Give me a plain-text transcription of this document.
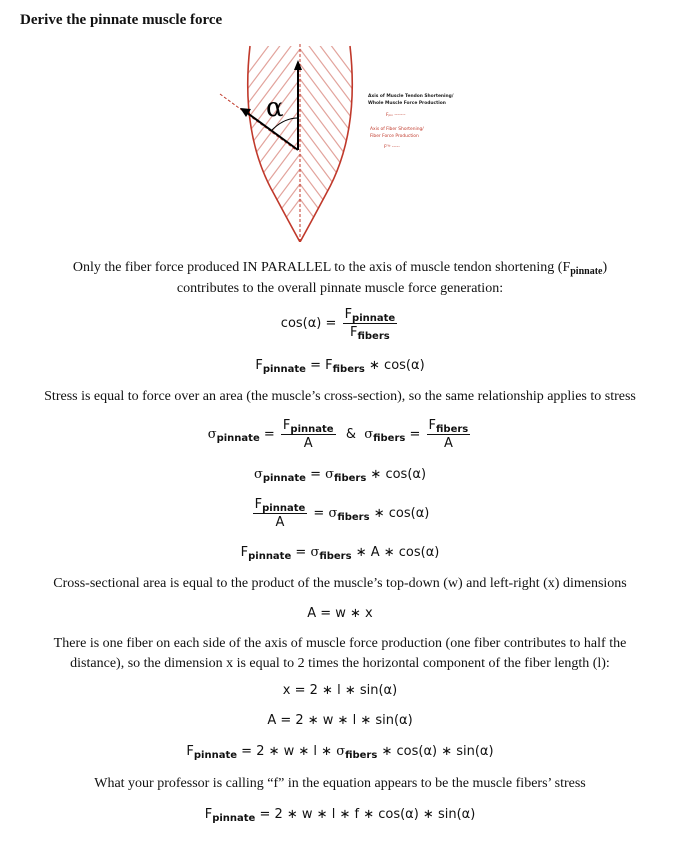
Derive the pinnate muscle force
α	Axis of Muscle Tendon Shortening/
Whole Muscle Force Production
Fₚᵢₙ -------
Axis of Fiber Shortening/
Fiber Force Production
Fᶠⁱᵇ -----
Only the fiber force produced IN PARALLEL to the axis of muscle tendon shortening $(F_{pinnate})$
contributes to the overall pinnate muscle force generation:
$\cos(\alpha) = \frac{F_{pinnate}}{F_{fibers}}$
$F_{pinnate} = F_{fibers}$ ∗ cos(α)
Stress is equal to force over an area (the muscle’s cross-section), so the same relationship applies to stress
$\sigma_{pinnate} = \frac{F_{pinnate}}{A}$ & $\sigma_{fibers} = \frac{F_{fibers}}{A}$
$\sigma_{pinnate} = \sigma_{fibers}$ ∗ cos(α)
$\frac{F_{pinnate}}{A} = \sigma_{fibers}$ ∗ cos(α)
$F_{pinnate} = \sigma_{fibers}$ ∗ A ∗ cos(α)
Cross-sectional area is equal to the product of the muscle’s top-down (w) and left-right (x) dimensions
A = w ∗ x
There is one fiber on each side of the axis of muscle force production (one fiber contributes to half the
distance), so the dimension x is equal to 2 times the horizontal component of the fiber length (l):
x = 2 ∗ l ∗ sin(α)
A = 2 ∗ w ∗ l ∗ sin(α)
$F_{pinnate} = 2$ ∗ w ∗ l ∗ $\sigma_{fibers}$ ∗ cos(α) ∗ sin(α)
What your professor is calling “f” in the equation appears to be the muscle fibers’ stress
$F_{pinnate} = 2$ ∗ w ∗ l ∗ f ∗ cos(α) ∗ sin(α)
